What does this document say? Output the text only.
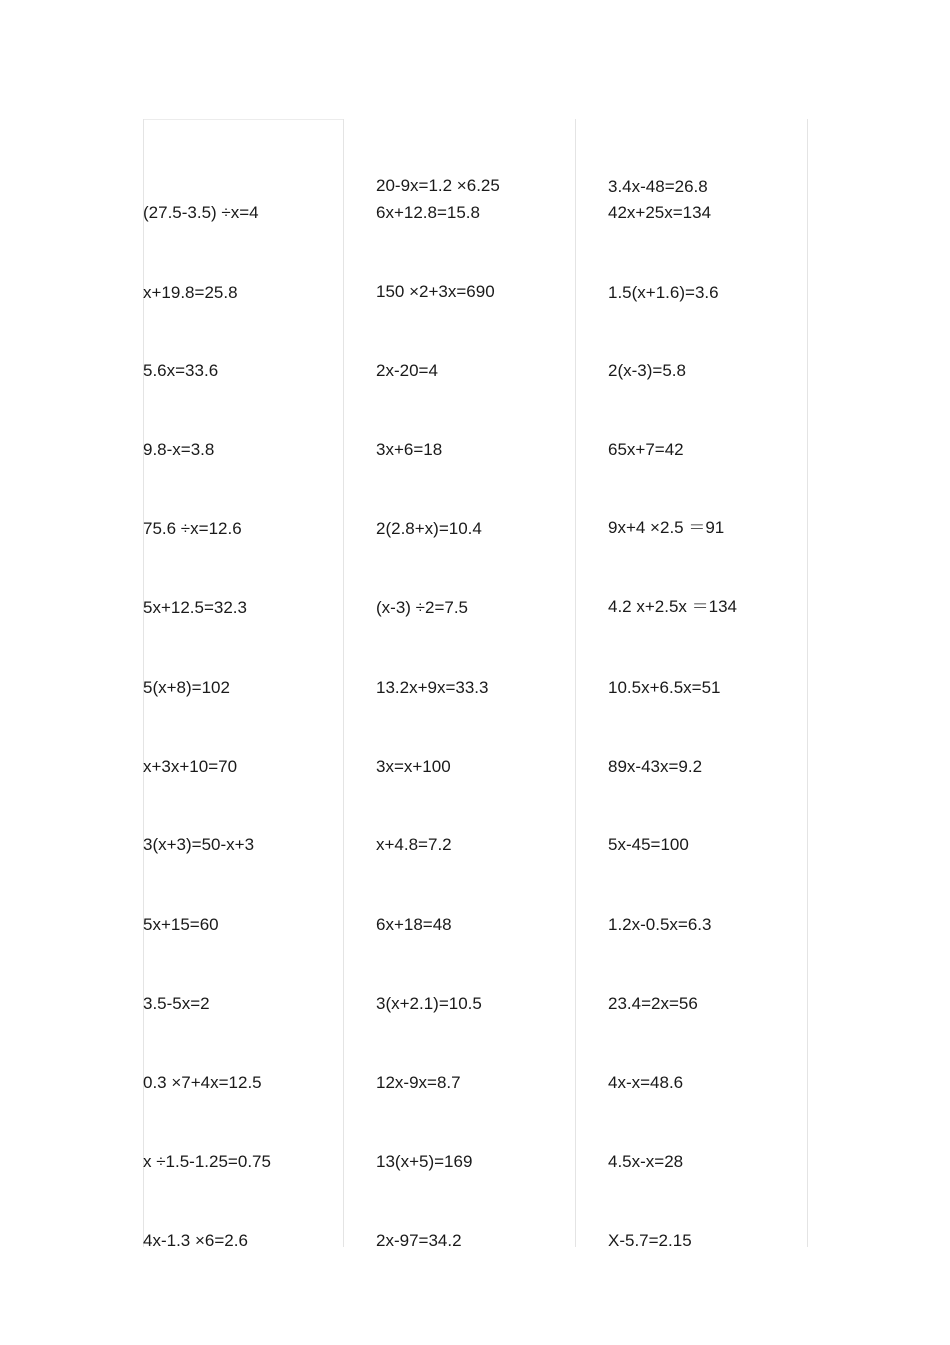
(27.5-3.5) ÷x=4
x+19.8=25.8
5.6x=33.6
9.8-x=3.8
75.6 ÷x=12.6
5x+12.5=32.3
5(x+8)=102
x+3x+10=70
3(x+3)=50-x+3
5x+15=60
3.5-5x=2
0.3 ×7+4x=12.5
x ÷1.5-1.25=0.75
4x-1.3 ×6=2.6
20-9x=1.2 ×6.25
6x+12.8=15.8
150 ×2+3x=690
2x-20=4
3x+6=18
2(2.8+x)=10.4
(x-3) ÷2=7.5
13.2x+9x=33.3
3x=x+100
x+4.8=7.2
6x+18=48
3(x+2.1)=10.5
12x-9x=8.7
13(x+5)=169
2x-97=34.2
3.4x-48=26.8
42x+25x=134
1.5(x+1.6)=3.6
2(x-3)=5.8
65x+7=42
9x+4 ×2.5 ＝91
4.2 x+2.5x ＝134
10.5x+6.5x=51
89x-43x=9.2
5x-45=100
1.2x-0.5x=6.3
23.4=2x=56
4x-x=48.6
4.5x-x=28
X-5.7=2.15
